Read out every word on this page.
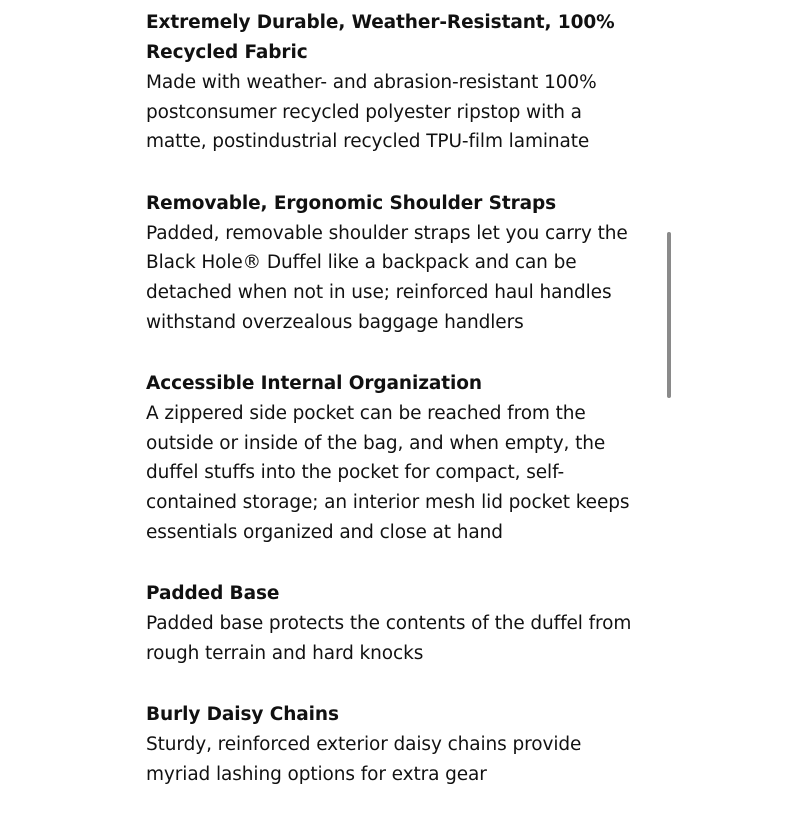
Extremely Durable, Weather-Resistant, 100% Recycled Fabric

Made with weather- and abrasion-resistant 100% postconsumer recycled polyester ripstop with a matte, postindustrial recycled TPU-film laminate

Removable, Ergonomic Shoulder Straps

Padded, removable shoulder straps let you carry the Black Hole® Duffel like a backpack and can be detached when not in use; reinforced haul handles withstand overzealous baggage handlers

Accessible Internal Organization

A zippered side pocket can be reached from the outside or inside of the bag, and when empty, the duffel stuffs into the pocket for compact, self-contained storage; an interior mesh lid pocket keeps essentials organized and close at hand

Padded Base

Padded base protects the contents of the duffel from rough terrain and hard knocks

Burly Daisy Chains

Sturdy, reinforced exterior daisy chains provide myriad lashing options for extra gear
